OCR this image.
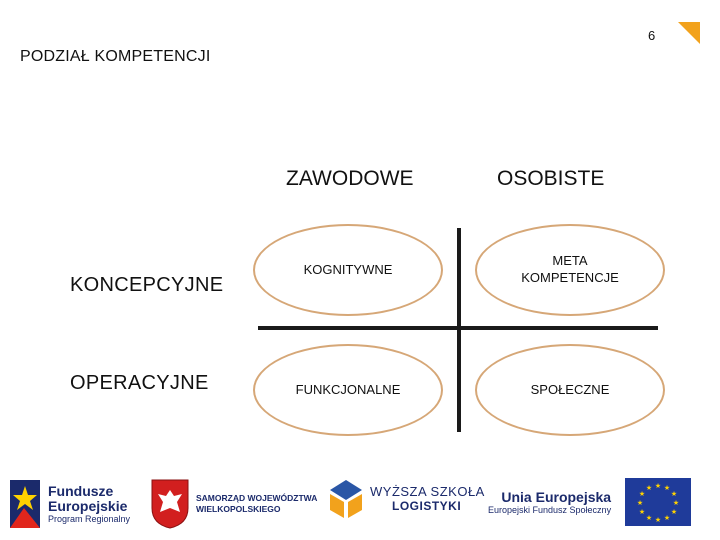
6
PODZIAŁ KOMPETENCJI
ZAWODOWE	OSOBISTE
KONCEPCYJNE
OPERACYJNE
KOGNITYWNE
META
KOMPETENCJE
FUNKCJONALNE	SPOŁECZNE
Fundusze
Europejskie
Program Regionalny
SAMORZĄD WOJEWÓDZTWA
WIELKOPOLSKIEGO
WYŻSZA SZKOŁA
LOGISTYKI
Unia Europejska
Europejski Fundusz Społeczny
★ ★
★
★
★
★
★
★
★
★
★
★
